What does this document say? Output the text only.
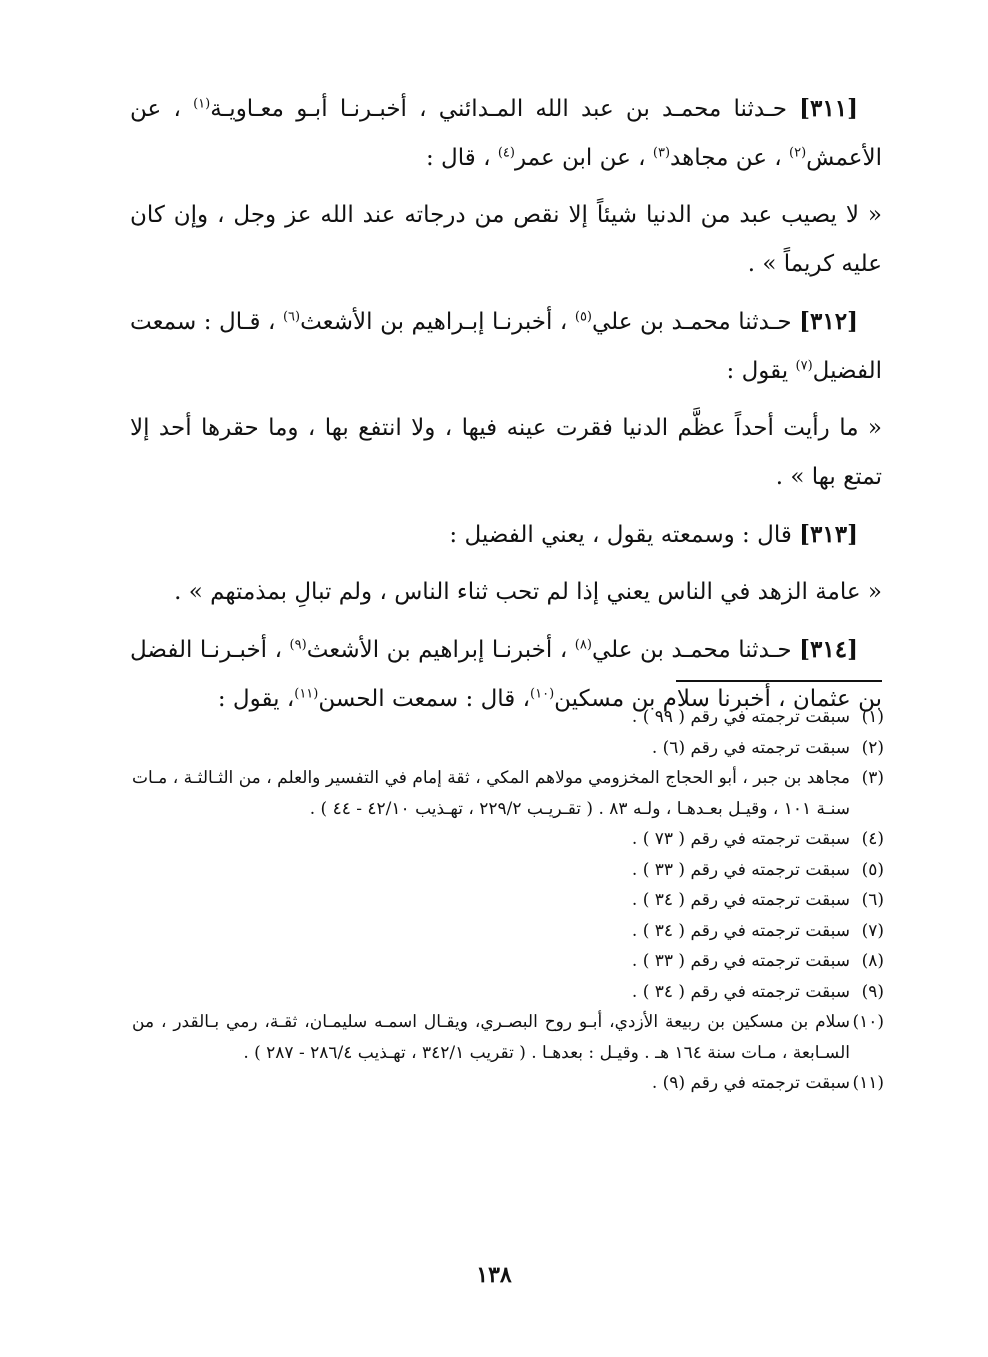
[٣١١] حـدثنا محمـد بن عبد الله المـدائني ، أخبـرنـا أبـو معـاويـة$^{(١)}$ ، عن الأعمش$^{(٢)}$ ، عن مجاهد$^{(٣)}$ ، عن ابن عمر$^{(٤)}$ ، قال :

« لا يصيب عبد من الدنيا شيئاً إلا نقص من درجاته عند الله عز وجل ، وإن كان عليه كريماً » .

[٣١٢] حـدثنا محمـد بن علي$^{(٥)}$ ، أخبرنـا إبـراهيم بن الأشعث$^{(٦)}$ ، قـال : سمعت الفضيل$^{(٧)}$ يقول :

« ما رأيت أحداً عظَّم الدنيا فقرت عينه فيها ، ولا انتفع بها ، وما حقرها أحد إلا تمتع بها » .

[٣١٣] قال : وسمعته يقول ، يعني الفضيل :

« عامة الزهد في الناس يعني إذا لم تحب ثناء الناس ، ولم تبالِ بمذمتهم » .

[٣١٤] حـدثنا محمـد بن علي$^{(٨)}$ ، أخبرنـا إبراهيم بن الأشعث$^{(٩)}$ ، أخبـرنـا الفضل بن عثمان ، أخبرنا سلام بن مسكين$^{(١٠)}$، قال : سمعت الحسن$^{(١١)}$، يقول :

(١)سبقت ترجمته في رقم ( ٩٩ ) .
(٢)سبقت ترجمته في رقم (٦) .
(٣)مجاهد بن جبر ، أبو الحجاج المخزومي مولاهم المكي ، ثقة إمام في التفسير والعلم ، من الثـالثـة ، مـات سنـة ١٠١ ، وقيـل بعـدهـا ، ولـه ٨٣ . ( تقـريـب ٢٢٩/٢ ، تهـذيب ٤٢/١٠ - ٤٤ ) .
(٤)سبقت ترجمته في رقم ( ٧٣ ) .
(٥)سبقت ترجمته في رقم ( ٣٣ ) .
(٦)سبقت ترجمته في رقم ( ٣٤ ) .
(٧)سبقت ترجمته في رقم ( ٣٤ ) .
(٨)سبقت ترجمته في رقم ( ٣٣ ) .
(٩)سبقت ترجمته في رقم ( ٣٤ ) .
(١٠)سلام بن مسكين بن ربيعة الأزدي، أبـو روح البصـري، ويقـال اسمـه سليمـان، ثقـة، رمي بـالقدر ، من السـابعة ، مـات سنة ١٦٤ هـ . وقيـل : بعدهـا . ( تقريب ٣٤٢/١ ، تهـذيب ٢٨٦/٤ - ٢٨٧ ) .
(١١)سبقت ترجمته في رقم (٩) .
١٣٨
